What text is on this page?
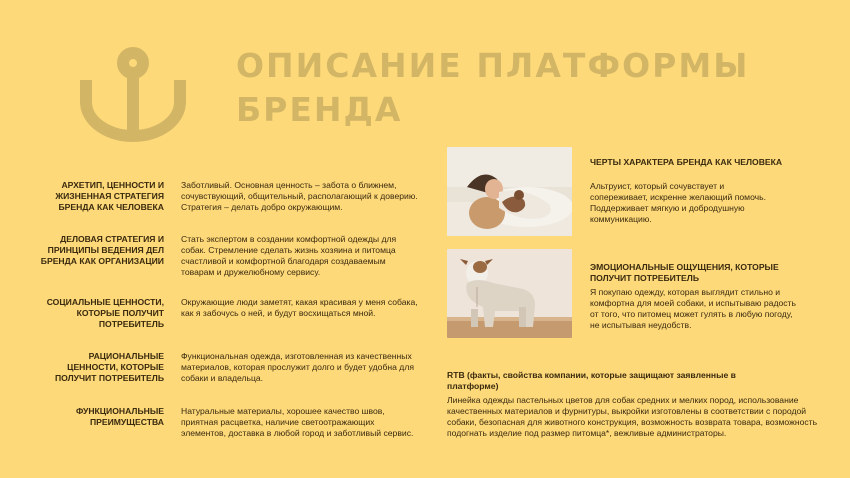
ОПИСАНИЕ ПЛАТФОРМЫ БРЕНДА
АРХЕТИП, ЦЕННОСТИ И ЖИЗНЕННАЯ СТРАТЕГИЯ БРЕНДА КАК ЧЕЛОВЕКА
Заботливый. Основная ценность – забота о ближнем, сочувствующий, общительный, располагающий к доверию. Стратегия – делать добро окружающим.
ДЕЛОВАЯ СТРАТЕГИЯ И ПРИНЦИПЫ ВЕДЕНИЯ ДЕЛ БРЕНДА КАК ОРГАНИЗАЦИИ
Стать экспертом в создании комфортной одежды для собак. Стремление сделать жизнь хозяина и питомца счастливой и комфортной благодаря создаваемым товарам и дружелюбному сервису.
СОЦИАЛЬНЫЕ ЦЕННОСТИ, КОТОРЫЕ ПОЛУЧИТ ПОТРЕБИТЕЛЬ
Окружающие люди заметят, какая красивая у меня собака, как я забочусь о ней, и будут восхищаться мной.
РАЦИОНАЛЬНЫЕ ЦЕННОСТИ, КОТОРЫЕ ПОЛУЧИТ ПОТРЕБИТЕЛЬ
Функциональная одежда, изготовленная из качественных материалов, которая прослужит долго и будет удобна для собаки и владельца.
ФУНКЦИОНАЛЬНЫЕ ПРЕИМУЩЕСТВА
Натуральные материалы, хорошее качество швов, приятная расцветка, наличие светоотражающих элементов, доставка в любой город и заботливый сервис.
ЧЕРТЫ ХАРАКТЕРА БРЕНДА КАК ЧЕЛОВЕКА
Альтруист, который сочувствует и сопереживает, искренне желающий помочь. Поддерживает мягкую и добродушную коммуникацию.
ЭМОЦИОНАЛЬНЫЕ ОЩУЩЕНИЯ, КОТОРЫЕ ПОЛУЧИТ ПОТРЕБИТЕЛЬ
Я покупаю одежду, которая выглядит стильно и комфортна для моей собаки, и испытываю радость от того, что питомец может гулять в любую погоду, не испытывая неудобств.
RTB (факты, свойства компании, которые защищают заявленные в платформе)
Линейка одежды пастельных цветов для собак средних и мелких пород, использование качественных материалов и фурнитуры, выкройки изготовлены в соответствии с породой собаки, безопасная для животного конструкция, возможность возврата товара, возможность подогнать изделие под размер питомца*, вежливые администраторы.
